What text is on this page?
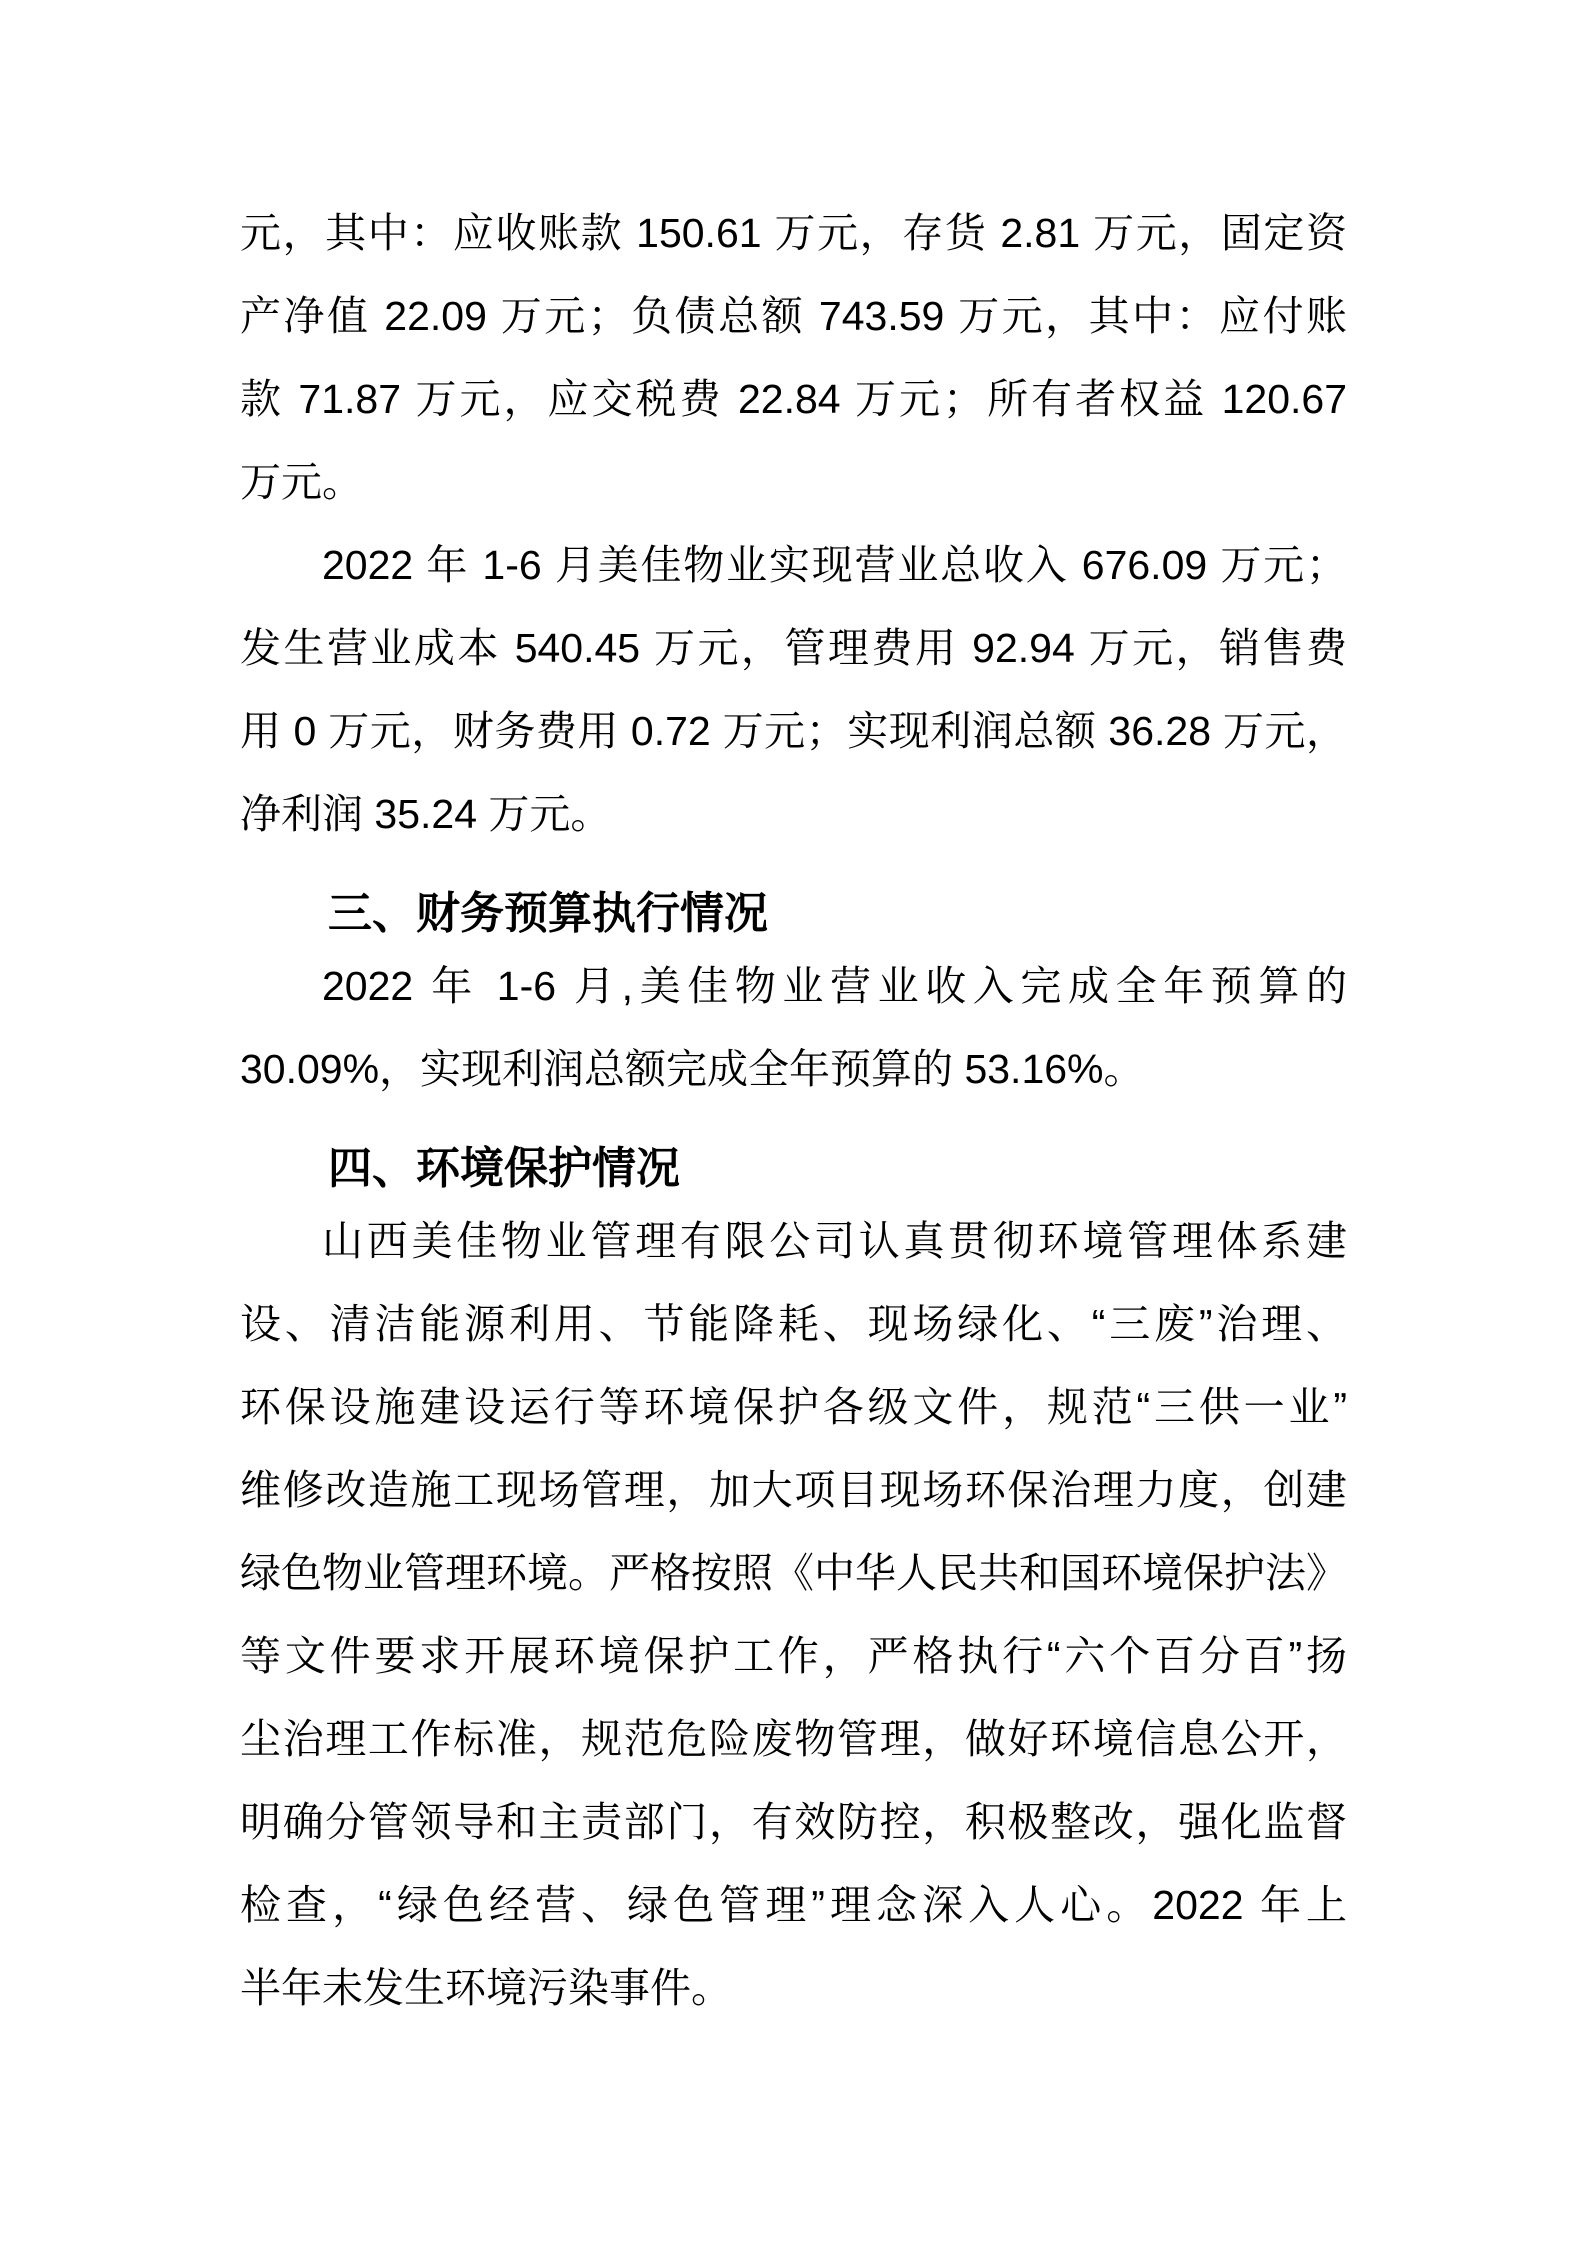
元，其中：应收账款 150.61 万元，存货 2.81 万元，固定资
产净值 22.09 万元；负债总额 743.59 万元，其中：应付账
款 71.87 万元，应交税费 22.84 万元；所有者权益 120.67
万元。
2022 年 1-6 月美佳物业实现营业总收入 676.09 万元；
发生营业成本 540.45 万元，管理费用 92.94 万元，销售费
用 0 万元，财务费用 0.72 万元；实现利润总额 36.28 万元，
净利润 35.24 万元。
三、财务预算执行情况
2022 年 1-6 月,美佳物业营业收入完成全年预算的
30.09%，实现利润总额完成全年预算的 53.16%。
四、环境保护情况
山西美佳物业管理有限公司认真贯彻环境管理体系建
设、清洁能源利用、节能降耗、现场绿化、“三废”治理、
环保设施建设运行等环境保护各级文件，规范“三供一业”
维修改造施工现场管理，加大项目现场环保治理力度，创建
绿色物业管理环境。严格按照《中华人民共和国环境保护法》
等文件要求开展环境保护工作，严格执行“六个百分百”扬
尘治理工作标准，规范危险废物管理，做好环境信息公开，
明确分管领导和主责部门，有效防控，积极整改，强化监督
检查，“绿色经营、绿色管理”理念深入人心。2022 年上
半年未发生环境污染事件。
